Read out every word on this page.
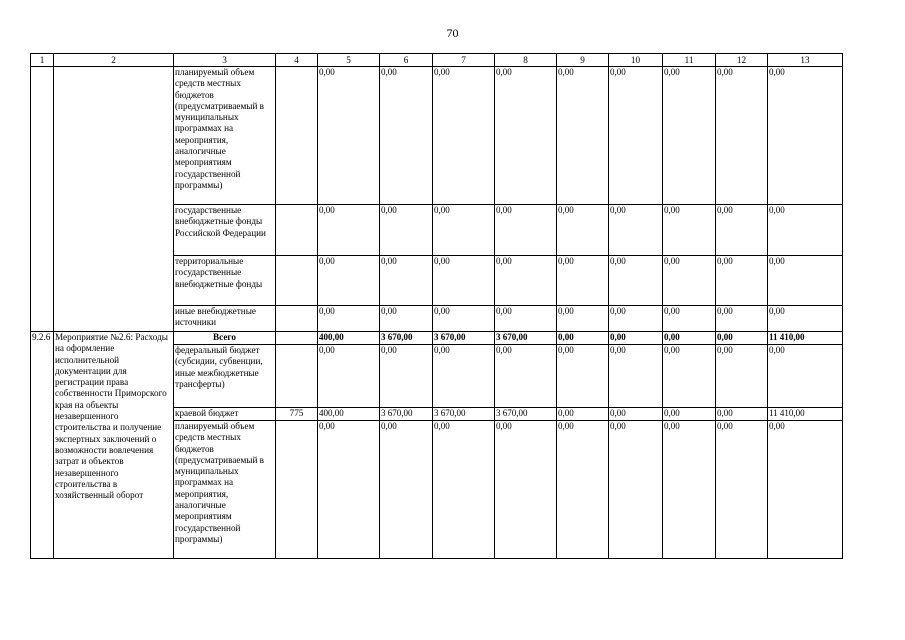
70
1	2	3	4	5	6	7	8	9	10	11	12	13
		планируемый объем средств местных бюджетов (предусматриваемый в муниципальных программах на мероприятия, аналогичные мероприятиям государственной программы)		0,00	0,00	0,00	0,00	0,00	0,00	0,00	0,00	0,00
		государственные внебюджетные фонды Российской Федерации		0,00	0,00	0,00	0,00	0,00	0,00	0,00	0,00	0,00
		территориальные государственные внебюджетные фонды		0,00	0,00	0,00	0,00	0,00	0,00	0,00	0,00	0,00
		иные внебюджетные источники		0,00	0,00	0,00	0,00	0,00	0,00	0,00	0,00	0,00
9.2.6	Мероприятие №2.6: Расходы на оформление исполнительной документации для регистрации права собственности Приморского края на объекты незавершенного строительства и получение экспертных заключений о возможности вовлечения затрат и объектов незавершенного строительства в хозяйственный оборот	Всего		400,00	3 670,00	3 670,00	3 670,00	0,00	0,00	0,00	0,00	11 410,00
		федеральный бюджет (субсидии, субвенции, иные межбюджетные трансферты)		0,00	0,00	0,00	0,00	0,00	0,00	0,00	0,00	0,00
		краевой бюджет	775	400,00	3 670,00	3 670,00	3 670,00	0,00	0,00	0,00	0,00	11 410,00
		планируемый объем средств местных бюджетов (предусматриваемый в муниципальных программах на мероприятия, аналогичные мероприятиям государственной программы)		0,00	0,00	0,00	0,00	0,00	0,00	0,00	0,00	0,00
